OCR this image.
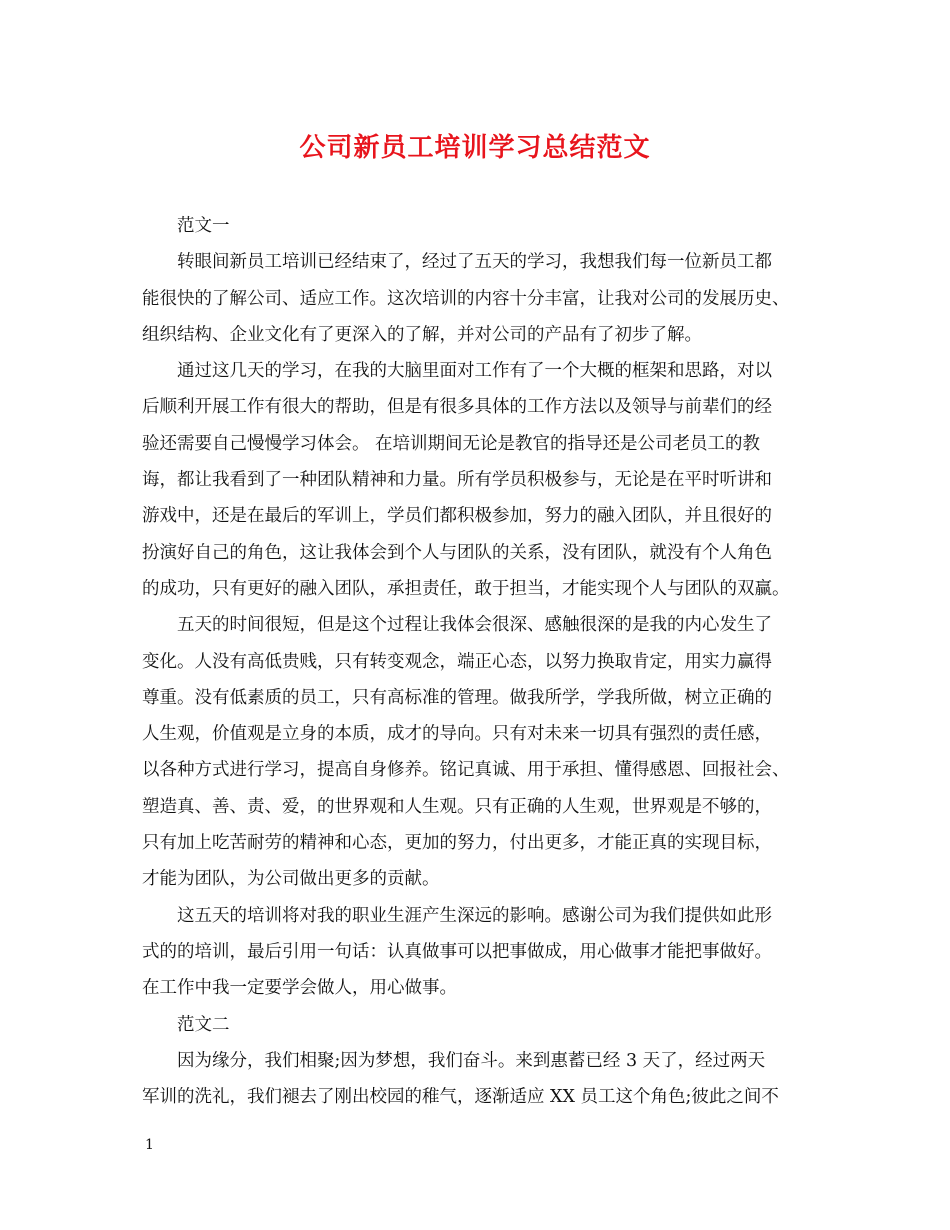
公司新员工培训学习总结范文

范文一

转眼间新员工培训已经结束了，经过了五天的学习，我想我们每一位新员工都
能很快的了解公司、适应工作。这次培训的内容十分丰富，让我对公司的发展历史、
组织结构、企业文化有了更深入的了解，并对公司的产品有了初步了解。

通过这几天的学习，在我的大脑里面对工作有了一个大概的框架和思路，对以
后顺利开展工作有很大的帮助，但是有很多具体的工作方法以及领导与前辈们的经
验还需要自己慢慢学习体会。 在培训期间无论是教官的指导还是公司老员工的教
诲，都让我看到了一种团队精神和力量。所有学员积极参与，无论是在平时听讲和
游戏中，还是在最后的军训上，学员们都积极参加，努力的融入团队，并且很好的
扮演好自己的角色，这让我体会到个人与团队的关系，没有团队，就没有个人角色
的成功，只有更好的融入团队，承担责任，敢于担当，才能实现个人与团队的双赢。

五天的时间很短，但是这个过程让我体会很深、感触很深的是我的内心发生了
变化。人没有高低贵贱，只有转变观念，端正心态，以努力换取肯定，用实力赢得
尊重。没有低素质的员工，只有高标准的管理。做我所学，学我所做，树立正确的
人生观，价值观是立身的本质，成才的导向。只有对未来一切具有强烈的责任感，
以各种方式进行学习，提高自身修养。铭记真诚、用于承担、懂得感恩、回报社会、
塑造真、善、责、爱，的世界观和人生观。只有正确的人生观，世界观是不够的，
只有加上吃苦耐劳的精神和心态，更加的努力，付出更多，才能正真的实现目标，
才能为团队，为公司做出更多的贡献。

这五天的培训将对我的职业生涯产生深远的影响。感谢公司为我们提供如此形
式的的培训，最后引用一句话：认真做事可以把事做成，用心做事才能把事做好。
在工作中我一定要学会做人，用心做事。

范文二

因为缘分，我们相聚;因为梦想，我们奋斗。来到惠蓄已经 3 天了，经过两天
军训的洗礼，我们褪去了刚出校园的稚气，逐渐适应 XX 员工这个角色;彼此之间不

1
